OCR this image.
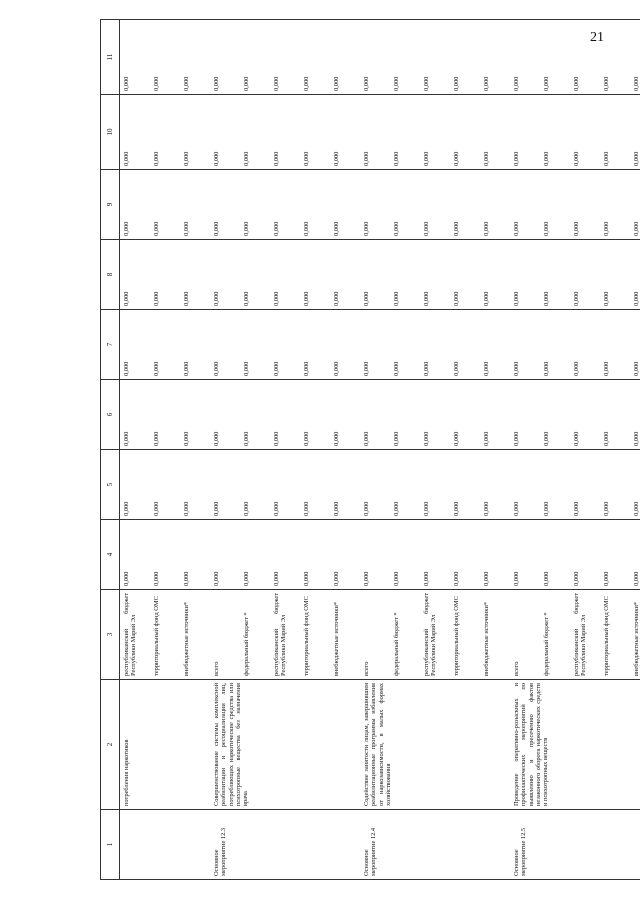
21
1	2	3	4	5	6	7	8	9	10	11
	потребления наркотиков	республиканский бюджет Республики Марий Эл	0,000	0,000	0,000	0,000	0,000	0,000	0,000	0,000
		территориальный фонд ОМС	0,000	0,000	0,000	0,000	0,000	0,000	0,000	0,000
		внебюджетные источники*	0,000	0,000	0,000	0,000	0,000	0,000	0,000	0,000
Основное мероприятие 12.3	Совершенствование системы комплексной реабилитации и ресоциализации лиц, потребляющих наркотические средства или психотропные вещества без назначения врача	всего	0,000	0,000	0,000	0,000	0,000	0,000	0,000	0,000
		федеральный бюджет *	0,000	0,000	0,000	0,000	0,000	0,000	0,000	0,000
		республиканский бюджет Республики Марий Эл	0,000	0,000	0,000	0,000	0,000	0,000	0,000	0,000
		территориальный фонд ОМС	0,000	0,000	0,000	0,000	0,000	0,000	0,000	0,000
		внебюджетные источники*	0,000	0,000	0,000	0,000	0,000	0,000	0,000	0,000
Основное мероприятие 12.4	Содействие занятости лицам, завершившим реабилитационные программы избавления от наркозависимости, в малых формах хозяйствования	всего	0,000	0,000	0,000	0,000	0,000	0,000	0,000	0,000
		федеральный бюджет *	0,000	0,000	0,000	0,000	0,000	0,000	0,000	0,000
		республиканский бюджет Республики Марий Эл	0,000	0,000	0,000	0,000	0,000	0,000	0,000	0,000
		территориальный фонд ОМС	0,000	0,000	0,000	0,000	0,000	0,000	0,000	0,000
		внебюджетные источники*	0,000	0,000	0,000	0,000	0,000	0,000	0,000	0,000
Основное мероприятие 12.5	Проведение оперативно-розыскных и профилактических мероприятий по выявлению и пресечению фактов незаконного оборота наркотических средств и психотропных веществ	всего	0,000	0,000	0,000	0,000	0,000	0,000	0,000	0,000
		федеральный бюджет *	0,000	0,000	0,000	0,000	0,000	0,000	0,000	0,000
		республиканский бюджет Республики Марий Эл	0,000	0,000	0,000	0,000	0,000	0,000	0,000	0,000
		территориальный фонд ОМС	0,000	0,000	0,000	0,000	0,000	0,000	0,000	0,000
		внебюджетные источники*	0,000	0,000	0,000	0,000	0,000	0,000	0,000	0,000
